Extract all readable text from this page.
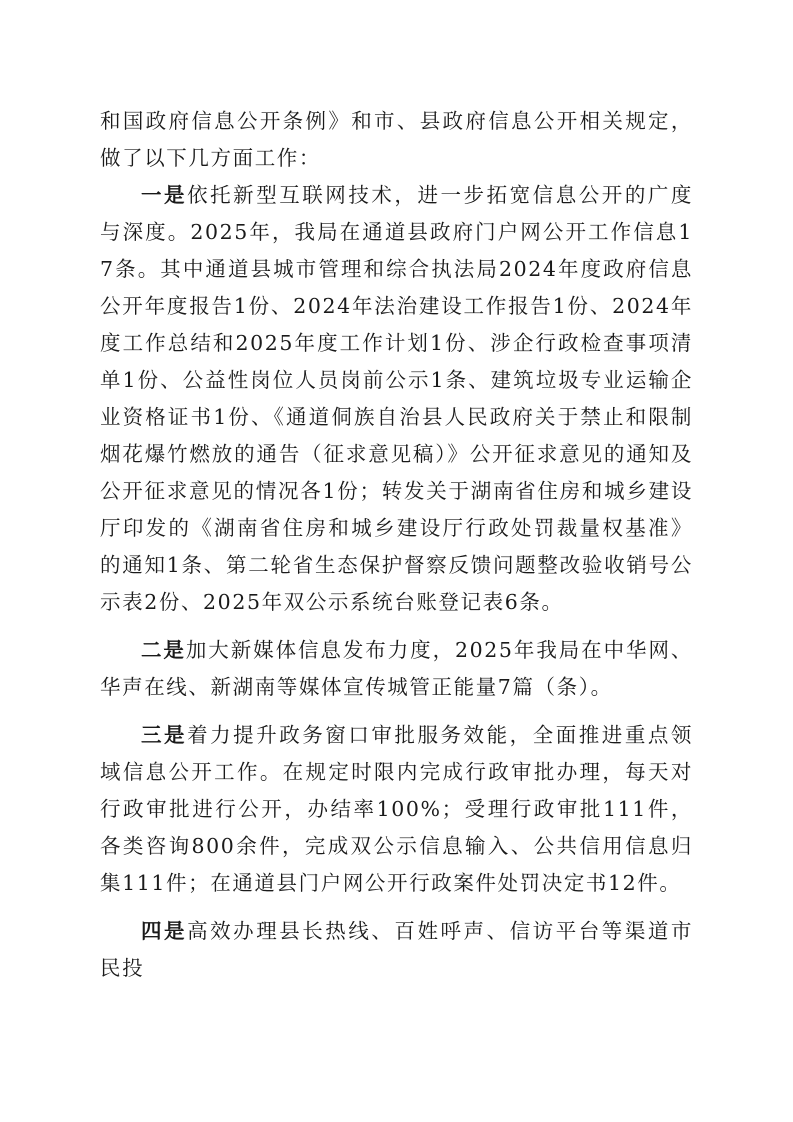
和国政府信息公开条例》和市、县政府信息公开相关规定，做了以下几方面工作：

一是依托新型互联网技术，进一步拓宽信息公开的广度与深度。2025年，我局在通道县政府门户网公开工作信息17条。其中通道县城市管理和综合执法局2024年度政府信息公开年度报告1份、2024年法治建设工作报告1份、2024年度工作总结和2025年度工作计划1份、涉企行政检查事项清单1份、公益性岗位人员岗前公示1条、建筑垃圾专业运输企业资格证书1份、《通道侗族自治县人民政府关于禁止和限制烟花爆竹燃放的通告（征求意见稿）》公开征求意见的通知及公开征求意见的情况各1份；转发关于湖南省住房和城乡建设厅印发的《湖南省住房和城乡建设厅行政处罚裁量权基准》的通知1条、第二轮省生态保护督察反馈问题整改验收销号公示表2份、2025年双公示系统台账登记表6条。

二是加大新媒体信息发布力度，2025年我局在中华网、华声在线、新湖南等媒体宣传城管正能量7篇（条）。

三是着力提升政务窗口审批服务效能，全面推进重点领域信息公开工作。在规定时限内完成行政审批办理，每天对行政审批进行公开，办结率100%；受理行政审批111件，各类咨询800余件，完成双公示信息输入、公共信用信息归集111件；在通道县门户网公开行政案件处罚决定书12件。

四是高效办理县长热线、百姓呼声、信访平台等渠道市民投
